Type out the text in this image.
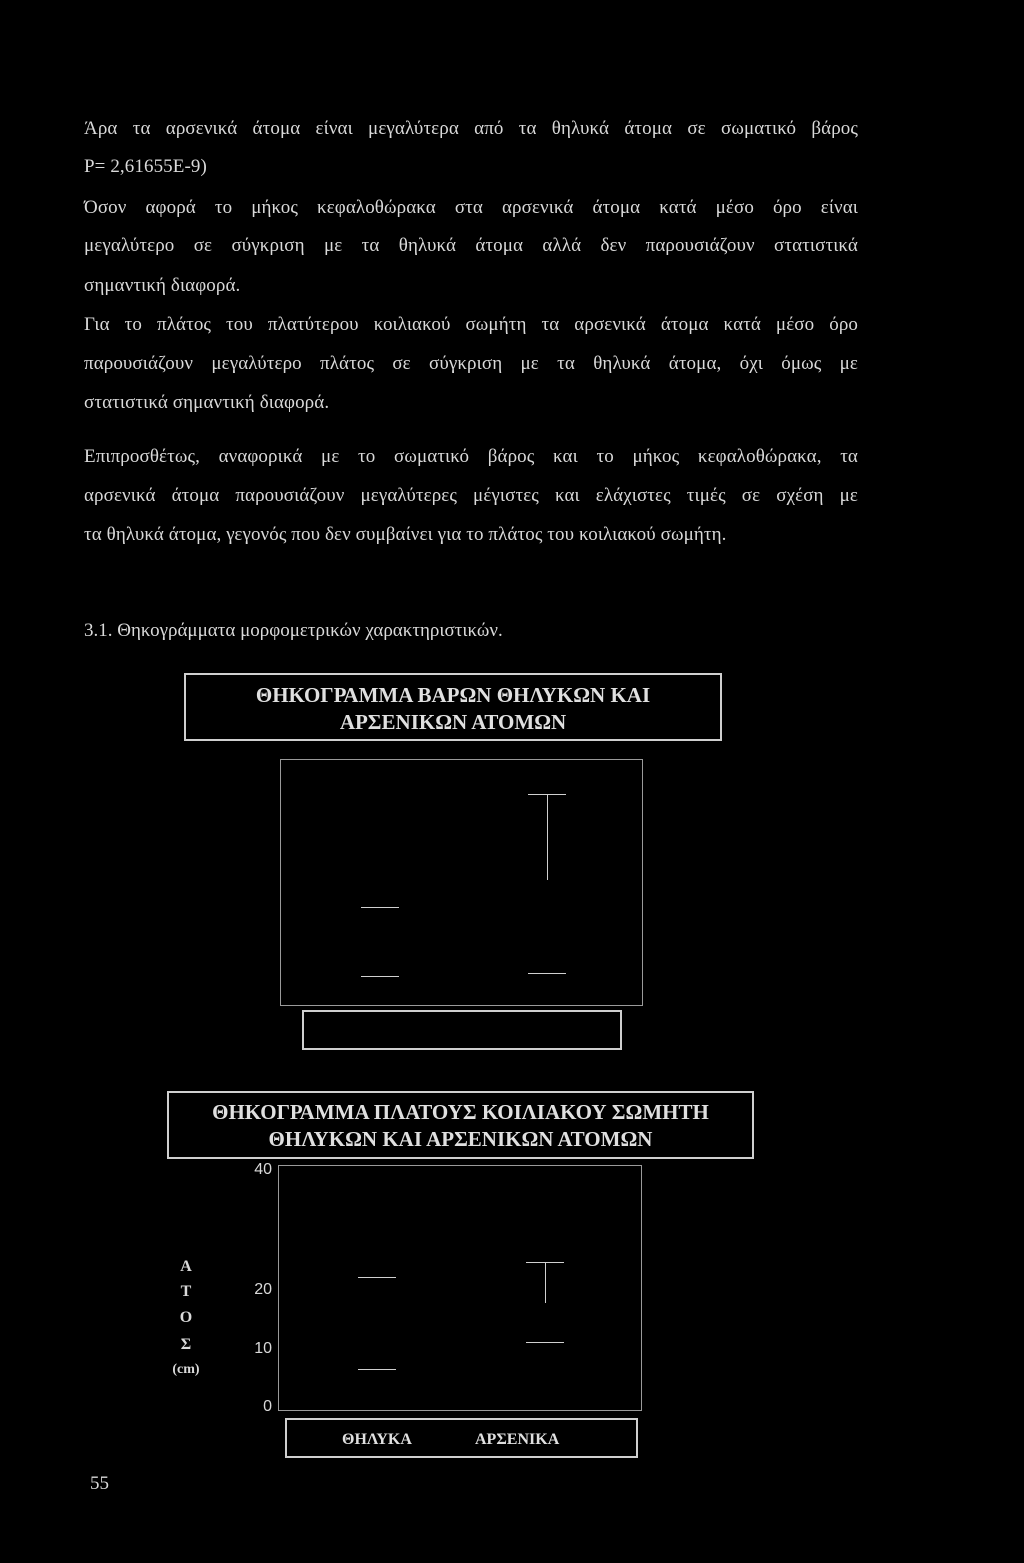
Άρα τα αρσενικά άτομα είναι μεγαλύτερα από τα θηλυκά άτομα σε σωματικό βάρος
P= 2,61655E-9)
Όσον αφορά το μήκος κεφαλοθώρακα στα αρσενικά άτομα κατά μέσο όρο είναι
μεγαλύτερο σε σύγκριση με τα θηλυκά άτομα αλλά δεν παρουσιάζουν στατιστικά
σημαντική διαφορά.
Για το πλάτος του πλατύτερου κοιλιακού σωμήτη τα αρσενικά άτομα κατά μέσο όρο
παρουσιάζουν μεγαλύτερο πλάτος σε σύγκριση με τα θηλυκά άτομα, όχι όμως με
στατιστικά σημαντική διαφορά.
Επιπροσθέτως, αναφορικά με το σωματικό βάρος και το μήκος κεφαλοθώρακα, τα
αρσενικά άτομα παρουσιάζουν μεγαλύτερες μέγιστες και ελάχιστες τιμές σε σχέση με
τα θηλυκά άτομα, γεγονός που δεν συμβαίνει για το πλάτος του κοιλιακού σωμήτη.
3.1. Θηκογράμματα μορφομετρικών χαρακτηριστικών.
ΘΗΚΟΓΡΑΜΜΑ ΒΑΡΩΝ ΘΗΛΥΚΩΝ ΚΑΙ
ΑΡΣΕΝΙΚΩΝ ΑΤΟΜΩΝ
ΘΗΚΟΓΡΑΜΜΑ ΠΛΑΤΟΥΣ ΚΟΙΛΙΑΚΟΥ ΣΩΜΗΤΗ
ΘΗΛΥΚΩΝ ΚΑΙ ΑΡΣΕΝΙΚΩΝ ΑΤΟΜΩΝ
40
20
10
0
Α
Τ
Ο
Σ
(cm)
ΘΗΛΥΚΑ	ΑΡΣΕΝΙΚΑ
55
